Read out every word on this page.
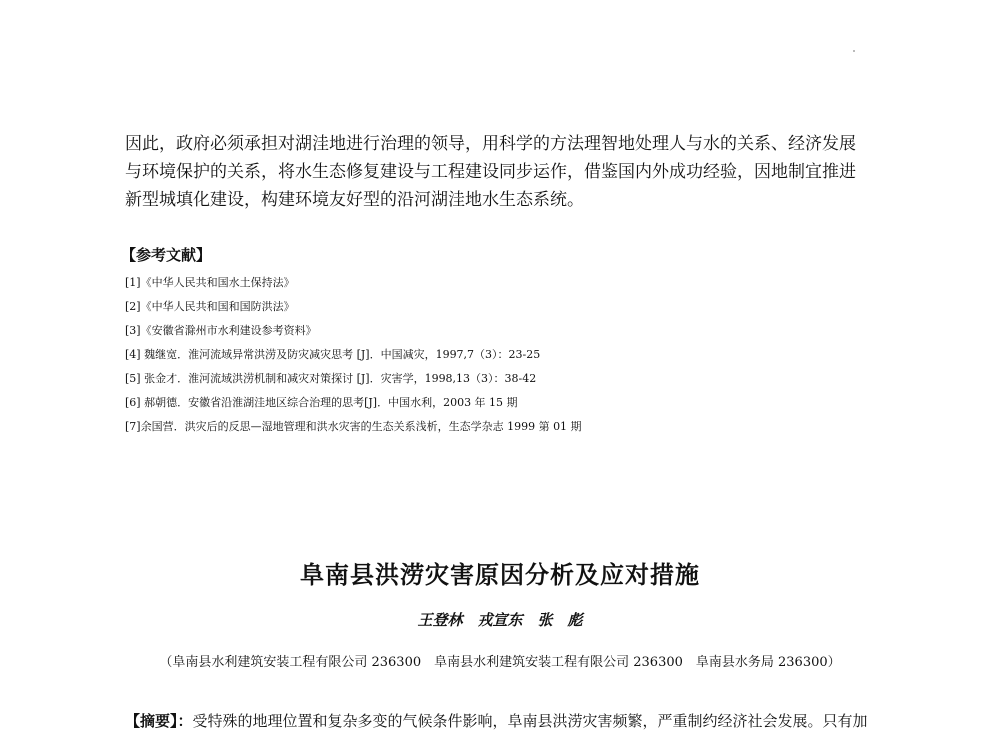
因此，政府必须承担对湖洼地进行治理的领导，用科学的方法理智地处理人与水的关系、经济发展
与环境保护的关系，将水生态修复建设与工程建设同步运作，借鉴国内外成功经验，因地制宜推进
新型城填化建设，构建环境友好型的沿河湖洼地水生态系统。

【参考文献】
[1]《中华人民共和国水土保持法》
[2]《中华人民共和国和国防洪法》
[3]《安徽省滁州市水利建设参考资料》
[4] 魏继宽．淮河流域异常洪涝及防灾减灾思考 [J]．中国减灾，1997,7（3）：23-25
[5] 张金才．淮河流域洪涝机制和减灾对策探讨 [J]．灾害学，1998,13（3）：38-42
[6] 郝朝德．安徽省沿淮湖洼地区综合治理的思考[J]．中国水利，2003 年 15 期
[7]余国营．洪灾后的反思—湿地管理和洪水灾害的生态关系浅析，生态学杂志 1999 第 01 期
阜南县洪涝灾害原因分析及应对措施

王登林　戎宣东　张　彪

（阜南县水利建筑安装工程有限公司 236300　阜南县水利建筑安装工程有限公司 236300　阜南县水务局 236300）

【摘要】：受特殊的地理位置和复杂多变的气候条件影响，阜南县洪涝灾害频繁，严重制约经济社会发展。只有加
